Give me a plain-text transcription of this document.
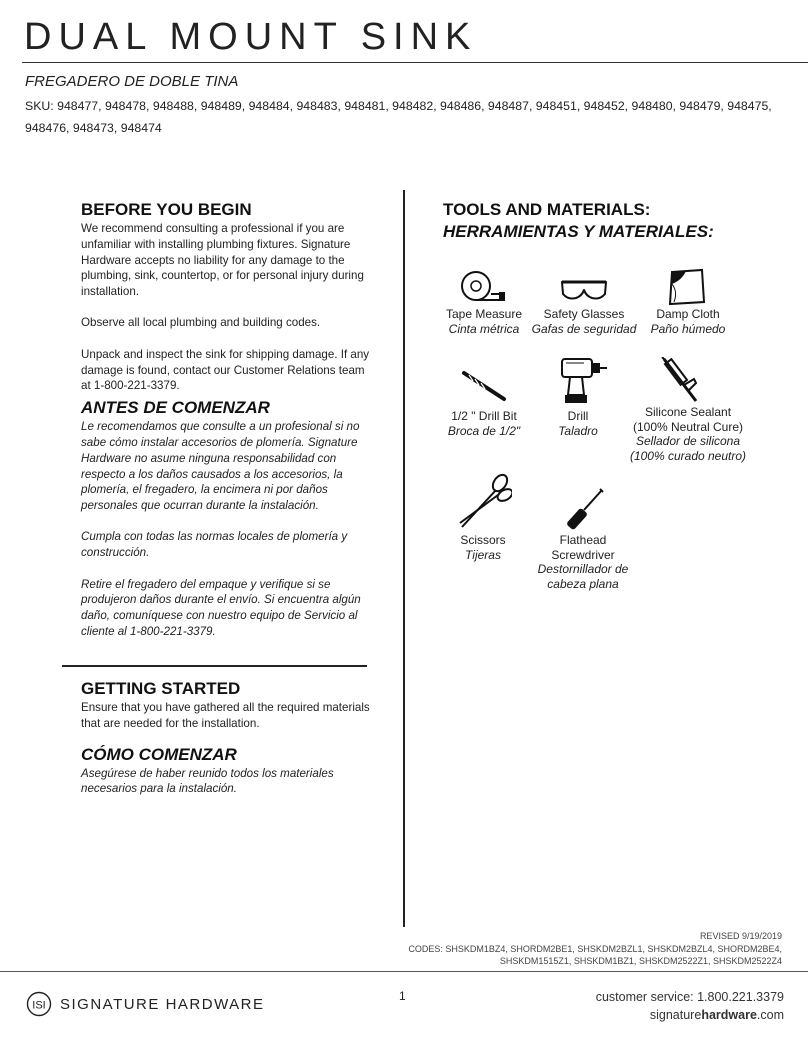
DUAL MOUNT SINK
FREGADERO DE DOBLE TINA
SKU: 948477, 948478, 948488, 948489, 948484, 948483, 948481, 948482, 948486, 948487, 948451, 948452, 948480, 948479, 948475, 948476, 948473, 948474
BEFORE YOU BEGIN

We recommend consulting a professional if you are unfamiliar with installing plumbing fixtures. Signature Hardware accepts no liability for any damage to the plumbing, sink, countertop, or for personal injury during installation.

Observe all local plumbing and building codes.

Unpack and inspect the sink for shipping damage. If any damage is found, contact our Customer Relations team at 1-800-221-3379.

ANTES DE COMENZAR

Le recomendamos que consulte a un profesional si no sabe cómo instalar accesorios de plomería. Signature Hardware no asume ninguna responsabilidad con respecto a los daños causados a los accesorios, la plomería, el fregadero, la encimera ni por daños personales que ocurran durante la instalación.

Cumpla con todas las normas locales de plomería y construcción.

Retire el fregadero del empaque y verifique si se produjeron daños durante el envío. Si encuentra algún daño, comuníquese con nuestro equipo de Servicio al cliente al 1-800-221-3379.

GETTING STARTED

Ensure that you have gathered all the required materials that are needed for the installation.

CÓMO COMENZAR

Asegúrese de haber reunido todos los materiales necesarios para la instalación.

TOOLS AND MATERIALS:
HERRAMIENTAS Y MATERIALES:
Tape Measure
Cinta métrica
Safety Glasses
Gafas de seguridad
Damp Cloth
Paño húmedo
1/2 " Drill Bit
Broca de 1/2"
Drill
Taladro
Silicone Sealant
(100% Neutral Cure)
Sellador de silicona
(100% curado neutro)
Scissors
Tijeras
Flathead
Screwdriver
Destornillador de
cabeza plana
REVISED 9/19/2019
CODES: SHSKDM1BZ4, SHORDM2BE1, SHSKDM2BZL1, SHSKDM2BZL4, SHORDM2BE4, SHSKDM1515Z1, SHSKDM1BZ1, SHSKDM2522Z1, SHSKDM2522Z4
ISI SIGNATURE HARDWARE	1	customer service: 1.800.221.3379
signaturehardware.com
